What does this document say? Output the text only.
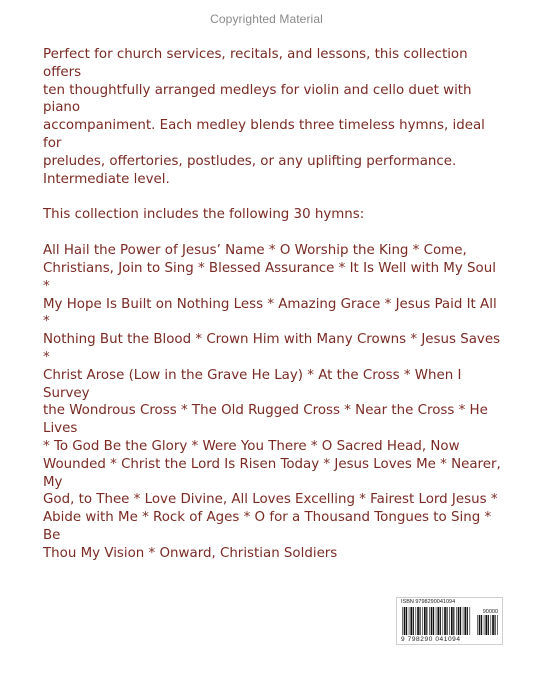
Copyrighted Material

Perfect for church services, recitals, and lessons, this collection offers
ten thoughtfully arranged medleys for violin and cello duet with piano
accompaniment. Each medley blends three timeless hymns, ideal for
preludes, offertories, postludes, or any uplifting performance.
Intermediate level.

This collection includes the following 30 hymns:

All Hail the Power of Jesus’ Name * O Worship the King * Come,
Christians, Join to Sing * Blessed Assurance * It Is Well with My Soul *
My Hope Is Built on Nothing Less * Amazing Grace * Jesus Paid It All *
Nothing But the Blood * Crown Him with Many Crowns * Jesus Saves *
Christ Arose (Low in the Grave He Lay) * At the Cross * When I Survey
the Wondrous Cross * The Old Rugged Cross * Near the Cross * He Lives
* To God Be the Glory * Were You There * O Sacred Head, Now
Wounded * Christ the Lord Is Risen Today * Jesus Loves Me * Nearer, My
God, to Thee * Love Divine, All Loves Excelling * Fairest Lord Jesus *
Abide with Me * Rock of Ages * O for a Thousand Tongues to Sing * Be
Thou My Vision * Onward, Christian Soldiers

ISBN 9798290041094
90000
9 798290 041094
